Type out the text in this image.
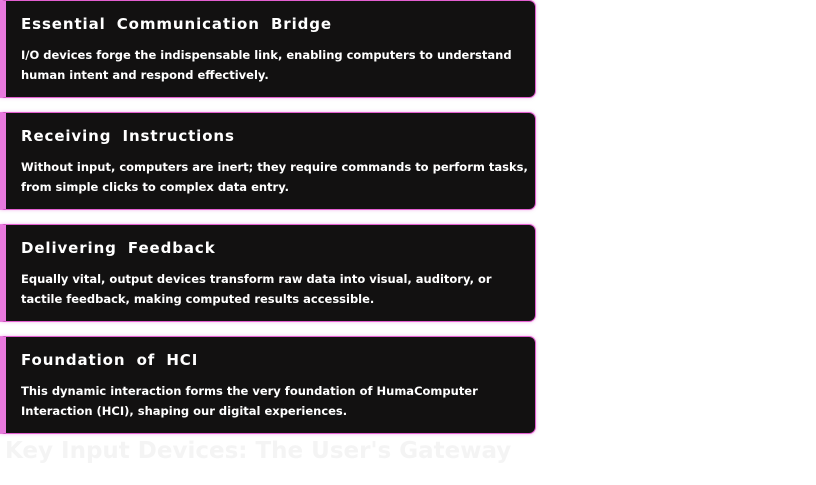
Essential Communication Bridge

I/O devices forge the indispensable link, enabling computers to understand human intent and respond effectively.

Receiving Instructions

Without input, computers are inert; they require commands to perform tasks, from simple clicks to complex data entry.

Delivering Feedback

Equally vital, output devices transform raw data into visual, auditory, or tactile feedback, making computed results accessible.

Foundation of HCI

This dynamic interaction forms the very foundation of HumaComputer Interaction (HCI), shaping our digital experiences.

Key Input Devices: The User's Gateway
